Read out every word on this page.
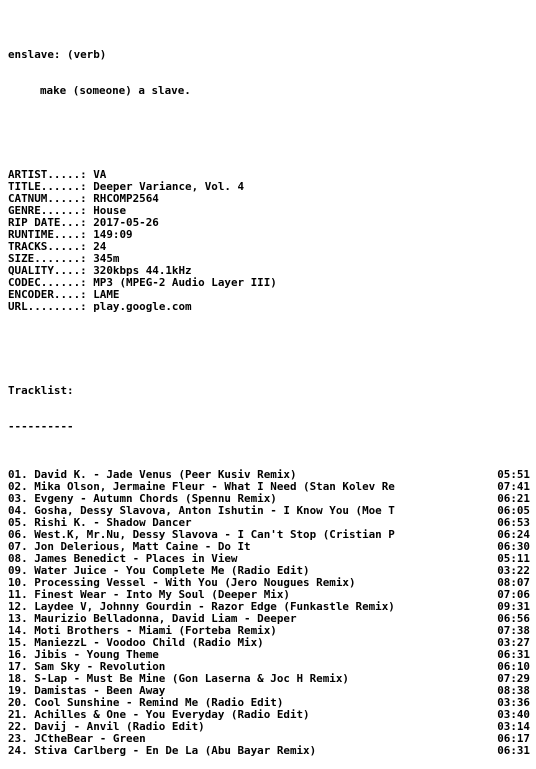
enslave: (verb)

make (someone) a slave.

ARTIST.....: VA
TITLE......: Deeper Variance, Vol. 4
CATNUM.....: RHCOMP2564
GENRE......: House
RIP DATE...: 2017-05-26
RUNTIME....: 149:09
TRACKS.....: 24
SIZE.......: 345m
QUALITY....: 320kbps 44.1kHz
CODEC......: MP3 (MPEG-2 Audio Layer III)
ENCODER....: LAME
URL........: play.google.com

Tracklist:

----------

01. David K. - Jade Venus (Peer Kusiv Remix)	05:51
02. Mika Olson, Jermaine Fleur - What I Need (Stan Kolev Re	07:41
03. Evgeny - Autumn Chords (Spennu Remix)	06:21
04. Gosha, Dessy Slavova, Anton Ishutin - I Know You (Moe T	06:05
05. Rishi K. - Shadow Dancer	06:53
06. West.K, Mr.Nu, Dessy Slavova - I Can't Stop (Cristian P	06:24
07. Jon Delerious, Matt Caine - Do It	06:30
08. James Benedict - Places in View	05:11
09. Water Juice - You Complete Me (Radio Edit)	03:22
10. Processing Vessel - With You (Jero Nougues Remix)	08:07
11. Finest Wear - Into My Soul (Deeper Mix)	07:06
12. Laydee V, Johnny Gourdin - Razor Edge (Funkastle Remix)	09:31
13. Maurizio Belladonna, David Liam - Deeper	06:56
14. Moti Brothers - Miami (Forteba Remix)	07:38
15. ManiezzL - Voodoo Child (Radio Mix)	03:27
16. Jibis - Young Theme	06:31
17. Sam Sky - Revolution	06:10
18. S-Lap - Must Be Mine (Gon Laserna & Joc H Remix)	07:29
19. Damistas - Been Away	08:38
20. Cool Sunshine - Remind Me (Radio Edit)	03:36
21. Achilles & One - You Everyday (Radio Edit)	03:40
22. Davij - Anvil (Radio Edit)	03:14
23. JCtheBear - Green	06:17
24. Stiva Carlberg - En De La (Abu Bayar Remix)	06:31
